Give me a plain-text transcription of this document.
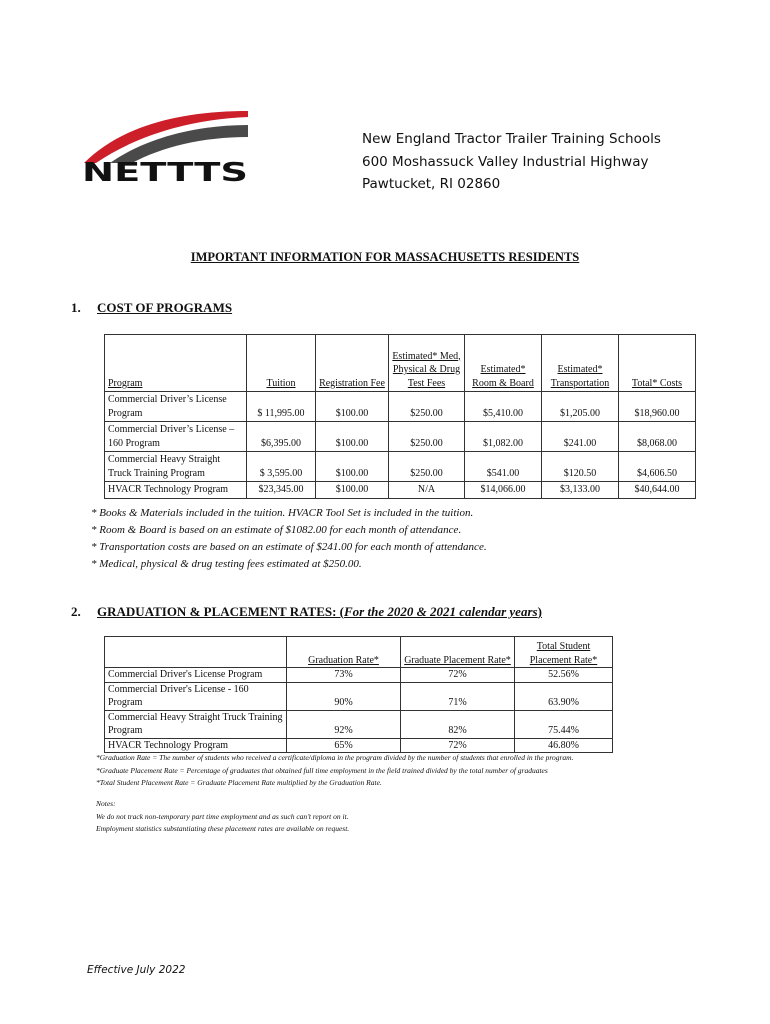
NETTTS
New England Tractor Trailer Training Schools
600 Moshassuck Valley Industrial Highway
Pawtucket, RI 02860
IMPORTANT INFORMATION FOR MASSACHUSETTS RESIDENTS
1. COST OF PROGRAMS
Program	Tuition	Registration Fee	Estimated* Med, Physical & Drug Test Fees	Estimated* Room & Board	Estimated* Transportation	Total* Costs
Commercial Driver’s License Program	$ 11,995.00	$100.00	$250.00	$5,410.00	$1,205.00	$18,960.00
Commercial Driver’s License – 160 Program	$6,395.00	$100.00	$250.00	$1,082.00	$241.00	$8,068.00
Commercial Heavy Straight Truck Training Program	$ 3,595.00	$100.00	$250.00	$541.00	$120.50	$4,606.50
HVACR Technology Program	$23,345.00	$100.00	N/A	$14,066.00	$3,133.00	$40,644.00
* Books & Materials included in the tuition. HVACR Tool Set is included in the tuition.
* Room & Board is based on an estimate of $1082.00 for each month of attendance.
* Transportation costs are based on an estimate of $241.00 for each month of attendance.
* Medical, physical & drug testing fees estimated at $250.00.
2. GRADUATION & PLACEMENT RATES: (For the 2020 & 2021 calendar years)
	Graduation Rate*	Graduate Placement Rate*	Total Student Placement Rate*
Commercial Driver's License Program	73%	72%	52.56%
Commercial Driver's License - 160 Program	90%	71%	63.90%
Commercial Heavy Straight Truck Training Program	92%	82%	75.44%
HVACR Technology Program	65%	72%	46.80%
*Graduation Rate = The number of students who received a certificate/diploma in the program divided by the number of students that enrolled in the program.
*Graduate Placement Rate = Percentage of graduates that obtained full time employment in the field trained divided by the total number of graduates
*Total Student Placement Rate = Graduate Placement Rate multiplied by the Graduation Rate.
Notes:
We do not track non-temporary part time employment and as such can’t report on it.
Employment statistics substantiating these placement rates are available on request.
Effective July 2022
